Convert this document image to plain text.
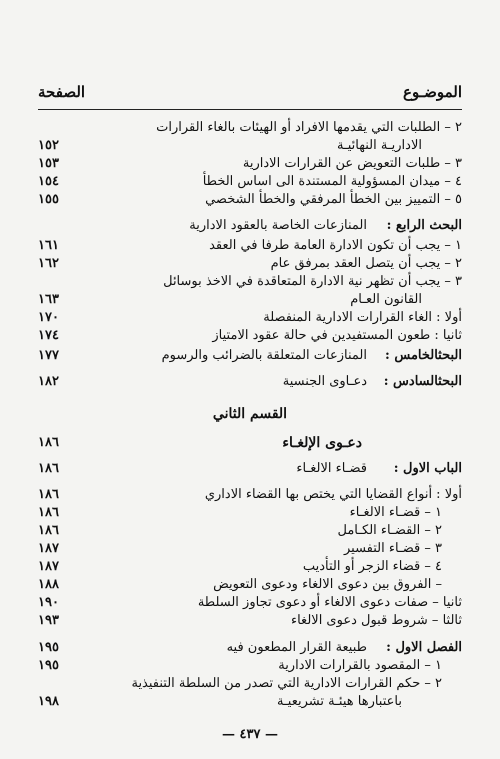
الموضـوع
الصفحة
٢ – الطلبات التي يقدمها الافراد أو الهيئات بالغاء القرارات
الاداريـة النهائيـة
١٥٢
٣ – طلبات التعويض عن القرارات الادارية
١٥٣
٤ – ميدان المسؤولية المستندة الى اساس الخطأ
١٥٤
٥ – التمييز بين الخطأ المرفقي والخطأ الشخصي
١٥٥
البحث الرابع :
المنازعات الخاصة بالعقود الادارية
١ – يجب أن تكون الادارة العامة طرفا في العقد
١٦١
٢ – يجب أن يتصل العقد بمرفق عام
١٦٢
٣ – يجب أن تظهر نية الادارة المتعاقدة في الاخذ بوسائل
القانون العـام
١٦٣
أولا : الغاء القرارات الادارية المنفصلة
١٧٠
ثانيا : طعون المستفيدين في حالة عقود الامتياز
١٧٤
البحثالخامس :
المنازعات المتعلقة بالضرائب والرسوم
١٧٧
البحثالسادس :
دعـاوى الجنسية
١٨٢
القسم الثاني
دعـوى الإلغـاء
١٨٦
الباب الاول :
قضـاء الالغـاء
١٨٦
أولا : أنواع القضايا التي يختص بها القضاء الاداري
١٨٦
١ – قضـاء الالغـاء
١٨٦
٢ – القضـاء الكـامل
١٨٦
٣ – قضـاء التفسير
١٨٧
٤ – قضاء الزجر أو التأديب
١٨٧
– الفروق بين دعوى الالغاء ودعوى التعويض
١٨٨
ثانيا – صفات دعوى الالغاء أو دعوى تجاوز السلطة
١٩٠
ثالثا – شروط قبول دعوى الالغاء
١٩٣
الفصل الاول :
طبيعة القرار المطعون فيه
١٩٥
١ – المقصود بالقرارات الادارية
١٩٥
٢ – حكم القرارات الادارية التي تصدر من السلطة التنفيذية
باعتبارها هيئـة تشريعيـة
١٩٨
— ٤٣٧ —
